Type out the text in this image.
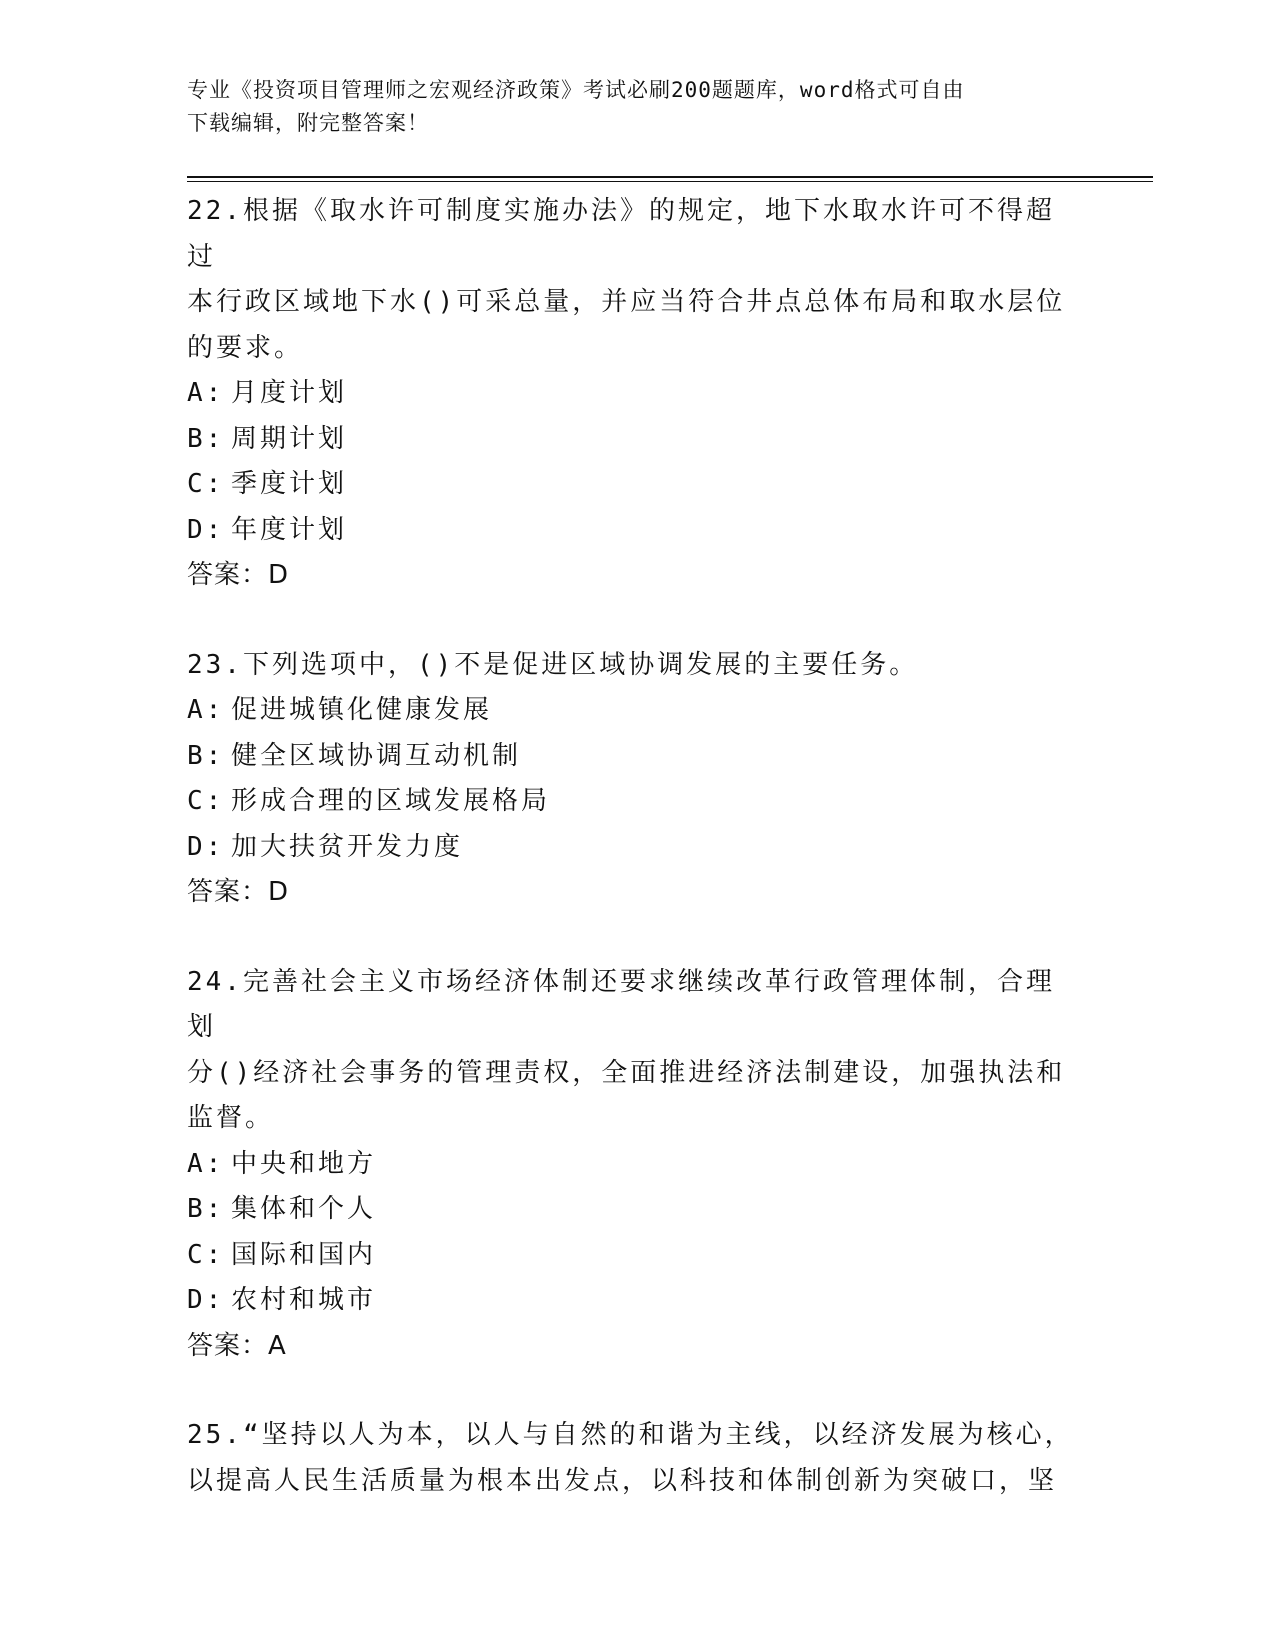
专业《投资项目管理师之宏观经济政策》考试必刷200题题库，word格式可自由
下载编辑，附完整答案！

22.根据《取水许可制度实施办法》的规定，地下水取水许可不得超过

本行政区域地下水()可采总量，并应当符合井点总体布局和取水层位

的要求。

A: 月度计划

B: 周期计划

C: 季度计划

D: 年度计划

答案：D

23.下列选项中，()不是促进区域协调发展的主要任务。

A: 促进城镇化健康发展

B: 健全区域协调互动机制

C: 形成合理的区域发展格局

D: 加大扶贫开发力度

答案：D

24.完善社会主义市场经济体制还要求继续改革行政管理体制，合理划

分()经济社会事务的管理责权，全面推进经济法制建设，加强执法和

监督。

A: 中央和地方

B: 集体和个人

C: 国际和国内

D: 农村和城市

答案：A

25.“坚持以人为本，以人与自然的和谐为主线，以经济发展为核心，

以提高人民生活质量为根本出发点，以科技和体制创新为突破口，坚
